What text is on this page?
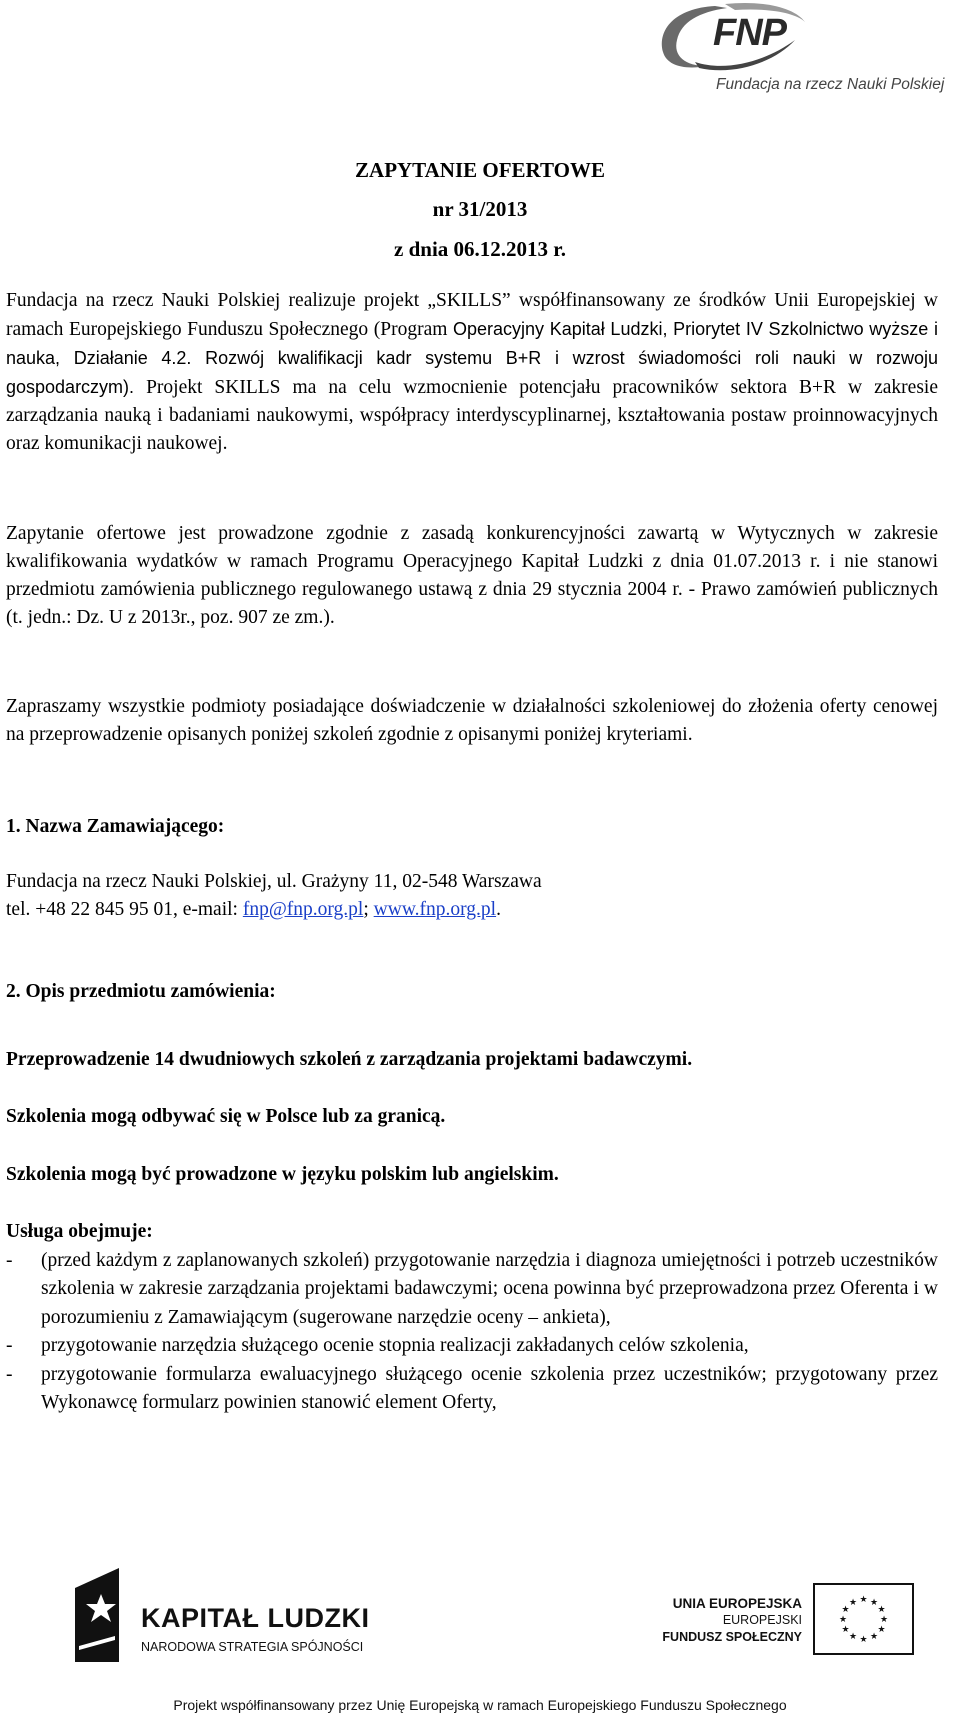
FNP
Fundacja na rzecz Nauki Polskiej
ZAPYTANIE OFERTOWE
nr 31/2013
z dnia 06.12.2013 r.
Fundacja na rzecz Nauki Polskiej realizuje projekt „SKILLS” współfinansowany ze środków Unii Europejskiej w ramach Europejskiego Funduszu Społecznego (Program Operacyjny Kapitał Ludzki, Priorytet IV Szkolnictwo wyższe i nauka, Działanie 4.2. Rozwój kwalifikacji kadr systemu B+R i wzrost świadomości roli nauki w rozwoju gospodarczym). Projekt SKILLS ma na celu wzmocnienie potencjału pracowników sektora B+R w zakresie zarządzania nauką i badaniami naukowymi, współpracy interdyscyplinarnej, kształtowania postaw proinnowacyjnych oraz komunikacji naukowej.
Zapytanie ofertowe jest prowadzone zgodnie z zasadą konkurencyjności zawartą w Wytycznych w zakresie kwalifikowania wydatków w ramach Programu Operacyjnego Kapitał Ludzki z dnia 01.07.2013 r. i nie stanowi przedmiotu zamówienia publicznego regulowanego ustawą z dnia 29 stycznia 2004 r. - Prawo zamówień publicznych (t. jedn.: Dz. U z 2013r., poz. 907 ze zm.).
Zapraszamy wszystkie podmioty posiadające doświadczenie w działalności szkoleniowej do złożenia oferty cenowej na przeprowadzenie opisanych poniżej szkoleń zgodnie z opisanymi poniżej kryteriami.
1. Nazwa Zamawiającego:
Fundacja na rzecz Nauki Polskiej, ul. Grażyny 11, 02-548 Warszawa
tel. +48 22 845 95 01, e-mail: fnp@fnp.org.pl; www.fnp.org.pl.
2. Opis przedmiotu zamówienia:
Przeprowadzenie 14 dwudniowych szkoleń z zarządzania projektami badawczymi.
Szkolenia mogą odbywać się w Polsce lub za granicą.
Szkolenia mogą być prowadzone w języku polskim lub angielskim.
Usługa obejmuje:
- (przed każdym z zaplanowanych szkoleń) przygotowanie narzędzia i diagnoza umiejętności i potrzeb uczestników szkolenia w zakresie zarządzania projektami badawczymi; ocena powinna być przeprowadzona przez Oferenta i w porozumieniu z Zamawiającym (sugerowane narzędzie oceny – ankieta),
- przygotowanie narzędzia służącego ocenie stopnia realizacji zakładanych celów szkolenia,
- przygotowanie formularza ewaluacyjnego służącego ocenie szkolenia przez uczestników; przygotowany przez Wykonawcę formularz powinien stanowić element Oferty,
KAPITAŁ LUDZKI
NARODOWA STRATEGIA SPÓJNOŚCI
UNIA EUROPEJSKA
EUROPEJSKI
FUNDUSZ SPOŁECZNY
★ ★
★
★
★
★
★
★
★
★
★
★
Projekt współfinansowany przez Unię Europejską w ramach Europejskiego Funduszu Społecznego
